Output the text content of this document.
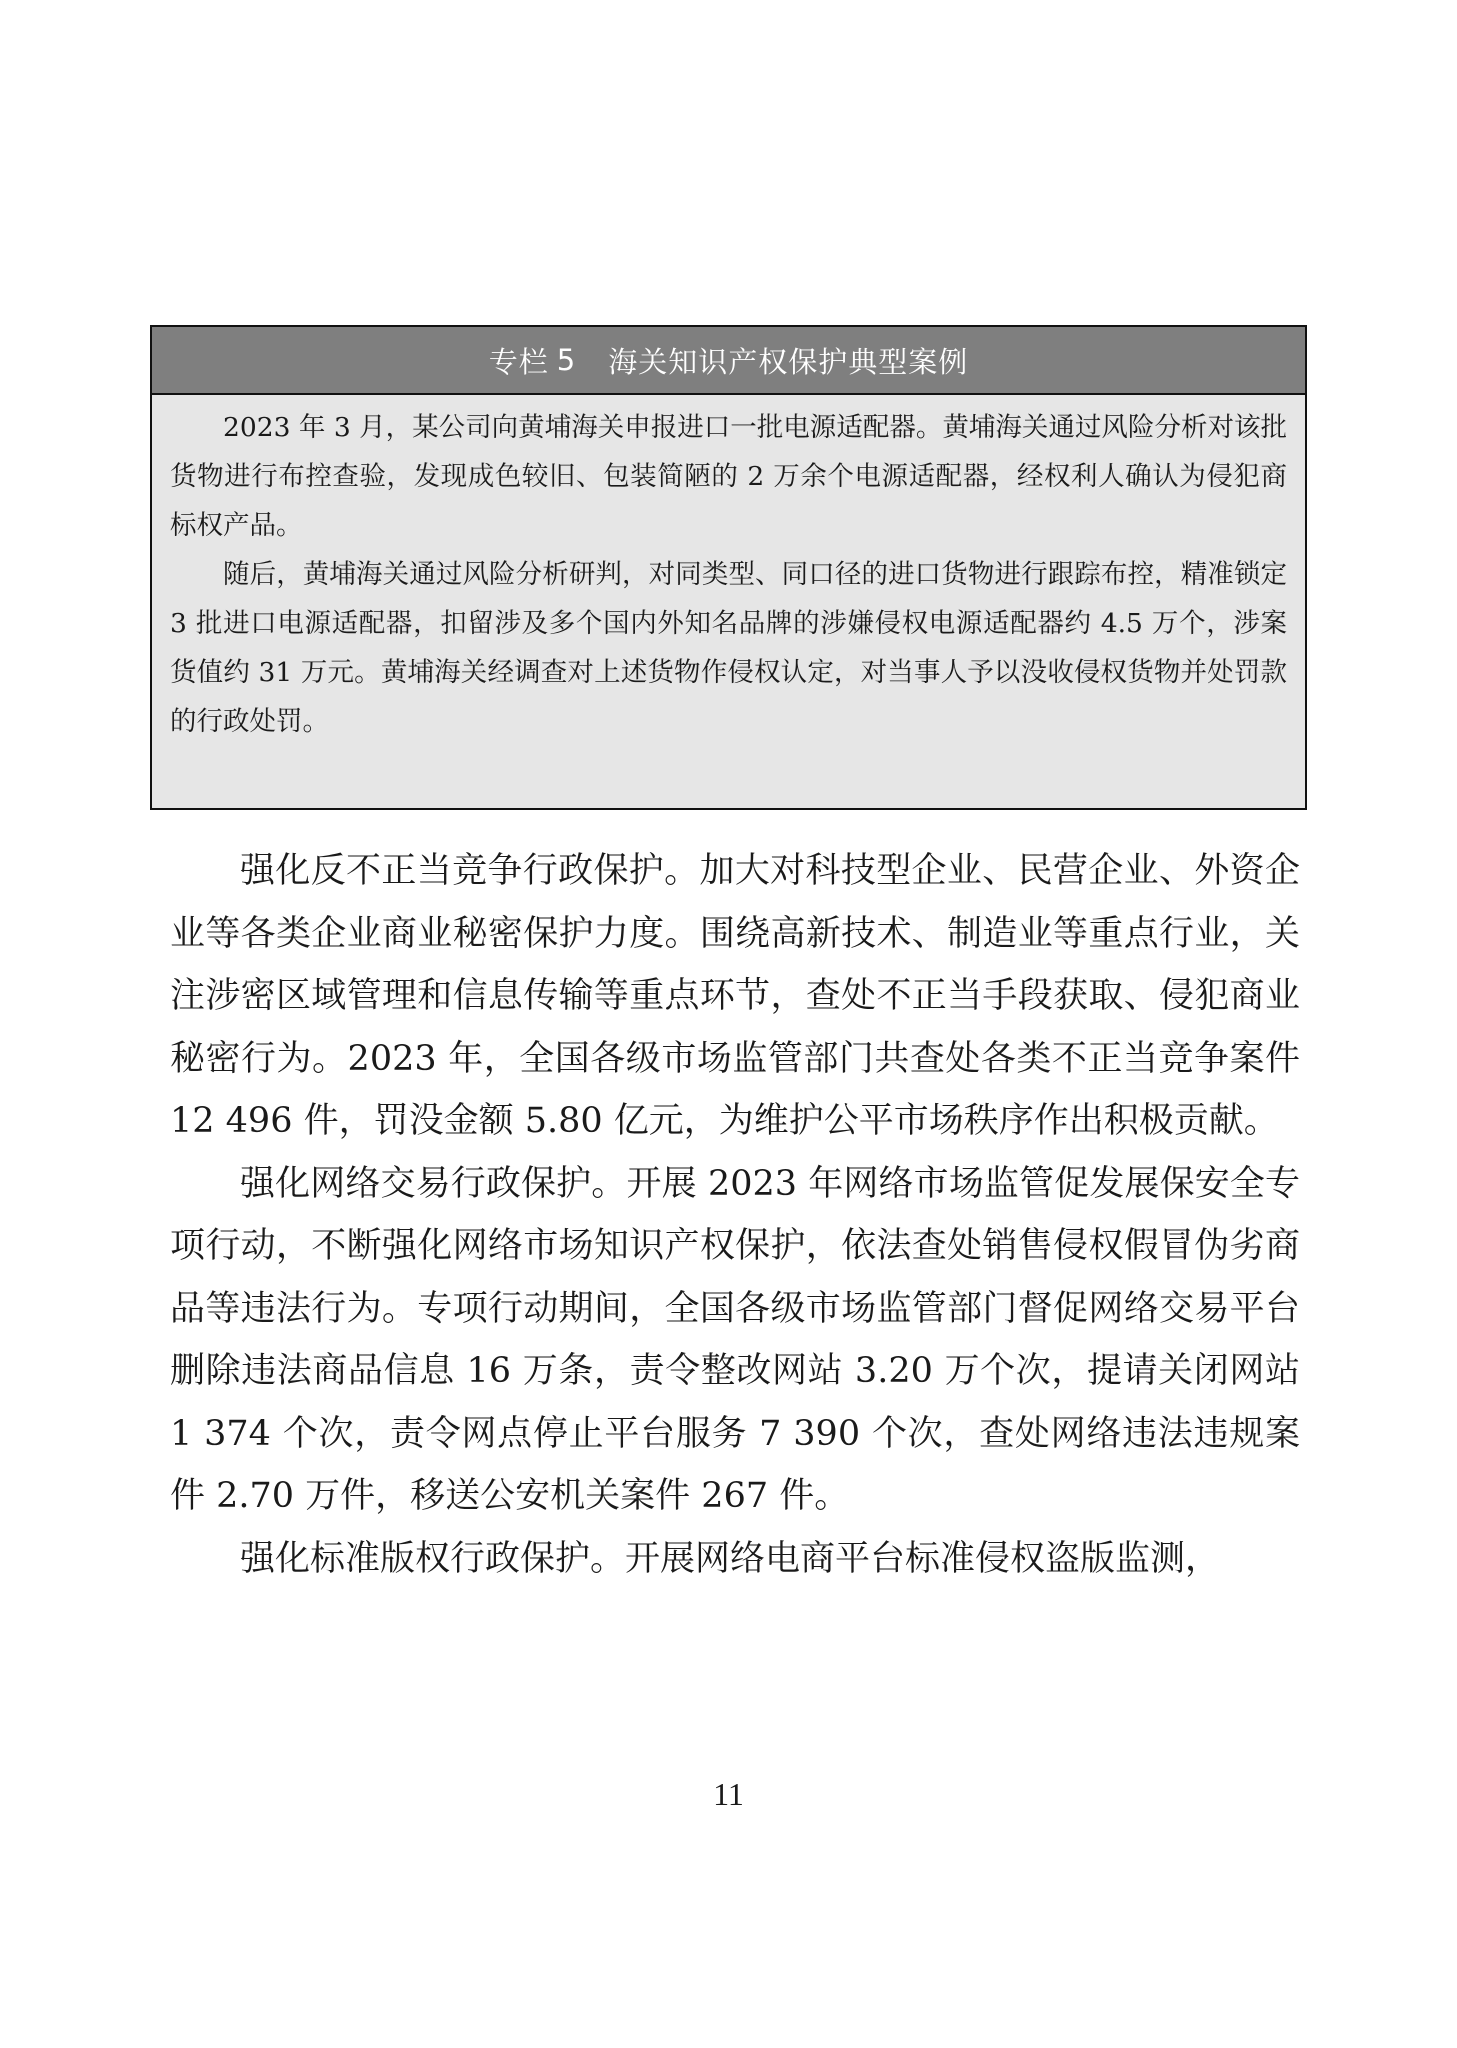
专栏 5 海关知识产权保护典型案例

2023 年 3 月，某公司向黄埔海关申报进口一批电源适配器。黄埔海关通过风险分析对该批货物进行布控查验，发现成色较旧、包装简陋的 2 万余个电源适配器，经权利人确认为侵犯商标权产品。

随后，黄埔海关通过风险分析研判，对同类型、同口径的进口货物进行跟踪布控，精准锁定 3 批进口电源适配器，扣留涉及多个国内外知名品牌的涉嫌侵权电源适配器约 4.5 万个，涉案货值约 31 万元。黄埔海关经调查对上述货物作侵权认定，对当事人予以没收侵权货物并处罚款的行政处罚。

强化反不正当竞争行政保护。加大对科技型企业、民营企业、外资企业等各类企业商业秘密保护力度。围绕高新技术、制造业等重点行业，关注涉密区域管理和信息传输等重点环节，查处不正当手段获取、侵犯商业秘密行为。2023 年，全国各级市场监管部门共查处各类不正当竞争案件 12 496 件，罚没金额 5.80 亿元，为维护公平市场秩序作出积极贡献。

强化网络交易行政保护。开展 2023 年网络市场监管促发展保安全专项行动，不断强化网络市场知识产权保护，依法查处销售侵权假冒伪劣商品等违法行为。专项行动期间，全国各级市场监管部门督促网络交易平台删除违法商品信息 16 万条，责令整改网站 3.20 万个次，提请关闭网站 1 374 个次，责令网点停止平台服务 7 390 个次，查处网络违法违规案件 2.70 万件，移送公安机关案件 267 件。

强化标准版权行政保护。开展网络电商平台标准侵权盗版监测，

11
